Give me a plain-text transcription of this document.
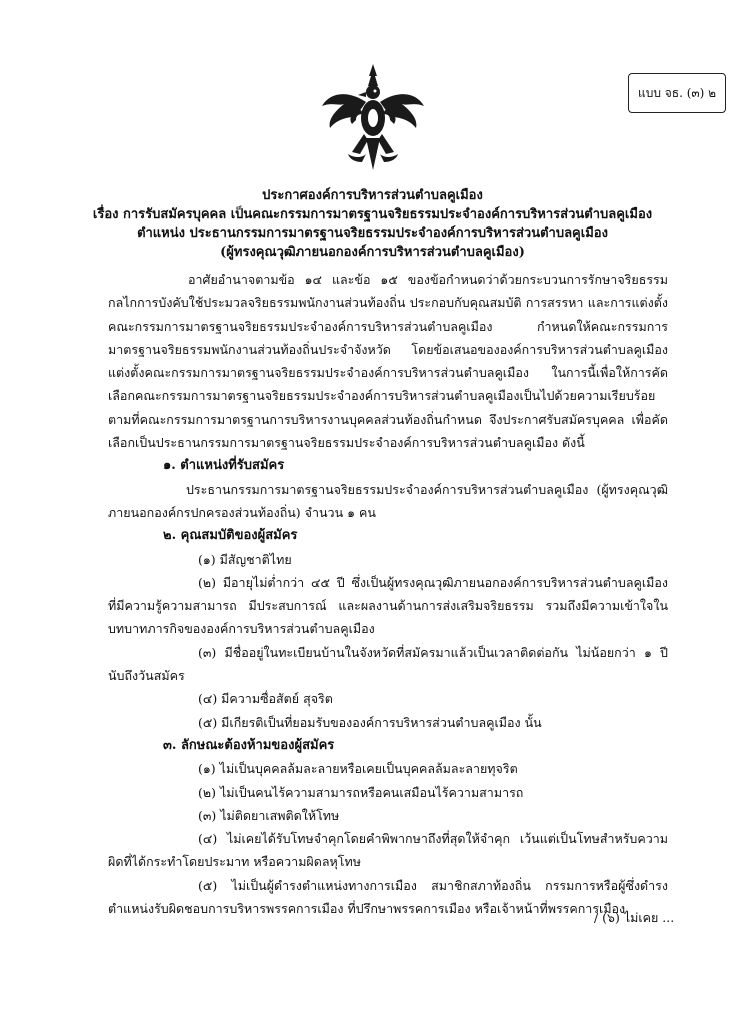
แบบ จธ. (๓) ๒
ประกาศองค์การบริหารส่วนตำบลคูเมือง
เรื่อง การรับสมัครบุคคล เป็นคณะกรรมการมาตรฐานจริยธรรมประจำองค์การบริหารส่วนตำบลคูเมือง
ตำแหน่ง ประธานกรรมการมาตรฐานจริยธรรมประจำองค์การบริหารส่วนตำบลคูเมือง
(ผู้ทรงคุณวุฒิภายนอกองค์การบริหารส่วนตำบลคูเมือง)

อาศัยอำนาจตามข้อ ๑๔ และข้อ ๑๕ ของข้อกำหนดว่าด้วยกระบวนการรักษาจริยธรรม กลไกการบังคับใช้ประมวลจริยธรรมพนักงานส่วนท้องถิ่น ประกอบกับคุณสมบัติ การสรรหา และการแต่งตั้งคณะกรรมการมาตรฐานจริยธรรมประจำองค์การบริหารส่วนตำบลคูเมือง กำหนดให้คณะกรรมการมาตรฐานจริยธรรมพนักงานส่วนท้องถิ่นประจำจังหวัด โดยข้อเสนอขององค์การบริหารส่วนตำบลคูเมือง แต่งตั้งคณะกรรมการมาตรฐานจริยธรรมประจำองค์การบริหารส่วนตำบลคูเมือง ในการนี้เพื่อให้การคัดเลือกคณะกรรมการมาตรฐานจริยธรรมประจำองค์การบริหารส่วนตำบลคูเมืองเป็นไปด้วยความเรียบร้อยตามที่คณะกรรมการมาตรฐานการบริหารงานบุคคลส่วนท้องถิ่นกำหนด จึงประกาศรับสมัครบุคคล เพื่อคัดเลือกเป็นประธานกรรมการมาตรฐานจริยธรรมประจำองค์การบริหารส่วนตำบลคูเมือง ดังนี้

๑. ตำแหน่งที่รับสมัคร

ประธานกรรมการมาตรฐานจริยธรรมประจำองค์การบริหารส่วนตำบลคูเมือง (ผู้ทรงคุณวุฒิภายนอกองค์กรปกครองส่วนท้องถิ่น) จำนวน ๑ คน

๒. คุณสมบัติของผู้สมัคร
(๑) มีสัญชาติไทย

(๒) มีอายุไม่ต่ำกว่า ๔๕ ปี ซึ่งเป็นผู้ทรงคุณวุฒิภายนอกองค์การบริหารส่วนตำบลคูเมือง ที่มีความรู้ความสามารถ มีประสบการณ์ และผลงานด้านการส่งเสริมจริยธรรม รวมถึงมีความเข้าใจในบทบาทภารกิจขององค์การบริหารส่วนตำบลคูเมือง

(๓) มีชื่ออยู่ในทะเบียนบ้านในจังหวัดที่สมัครมาแล้วเป็นเวลาติดต่อกัน ไม่น้อยกว่า ๑ ปี นับถึงวันสมัคร

(๔) มีความซื่อสัตย์ สุจริต
(๕) มีเกียรติเป็นที่ยอมรับขององค์การบริหารส่วนตำบลคูเมือง นั้น
๓. ลักษณะต้องห้ามของผู้สมัคร
(๑) ไม่เป็นบุคคลล้มละลายหรือเคยเป็นบุคคลล้มละลายทุจริต
(๒) ไม่เป็นคนไร้ความสามารถหรือคนเสมือนไร้ความสามารถ
(๓) ไม่ติดยาเสพติดให้โทษ

(๔) ไม่เคยได้รับโทษจำคุกโดยคำพิพากษาถึงที่สุดให้จำคุก เว้นแต่เป็นโทษสำหรับความผิดที่ได้กระทำโดยประมาท หรือความผิดลหุโทษ

(๕) ไม่เป็นผู้ดำรงตำแหน่งทางการเมือง สมาชิกสภาท้องถิ่น กรรมการหรือผู้ซึ่งดำรงตำแหน่งรับผิดชอบการบริหารพรรคการเมือง ที่ปรึกษาพรรคการเมือง หรือเจ้าหน้าที่พรรคการเมือง

/ (๖) ไม่เคย ...
